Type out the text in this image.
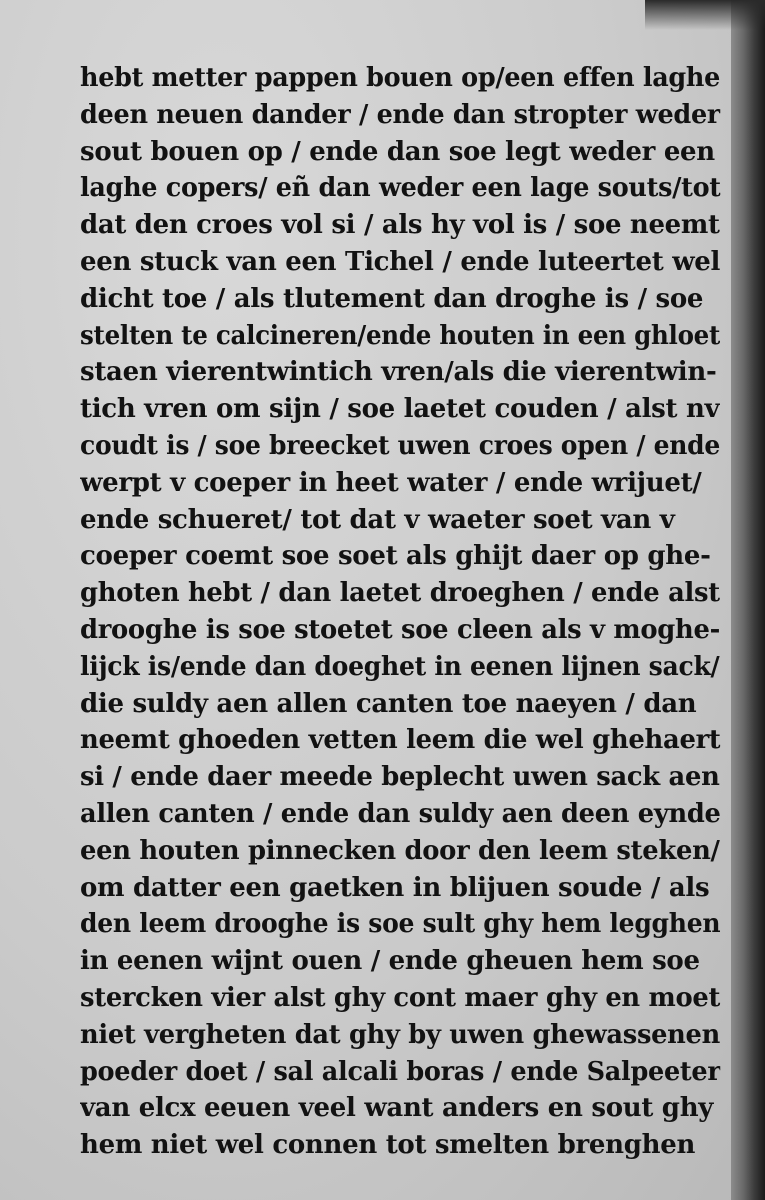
hebt metter pappen bouen op/een effen laghe
deen neuen dander / ende dan stropter weder
sout bouen op / ende dan soe legt weder een
laghe copers/ eñ dan weder een lage souts/tot
dat den croes vol si / als hy vol is / soe neemt
een stuck van een Tichel / ende luteertet wel
dicht toe / als tlutement dan droghe is / soe
stelten te calcineren/ende houten in een ghloet
staen vierentwintich vren/als die vierentwin-
tich vren om sijn / soe laetet couden / alst nv
coudt is / soe breecket uwen croes open / ende
werpt v coeper in heet water / ende wrijuet/
ende schueret/ tot dat v waeter soet van v
coeper coemt soe soet als ghijt daer op ghe-
ghoten hebt / dan laetet droeghen / ende alst
drooghe is soe stoetet soe cleen als v moghe-
lijck is/ende dan doeghet in eenen lijnen sack/
die suldy aen allen canten toe naeyen / dan
neemt ghoeden vetten leem die wel ghehaert
si / ende daer meede beplecht uwen sack aen
allen canten / ende dan suldy aen deen eynde
een houten pinnecken door den leem steken/
om datter een gaetken in blijuen soude / als
den leem drooghe is soe sult ghy hem legghen
in eenen wijnt ouen / ende gheuen hem soe
stercken vier alst ghy cont maer ghy en moet
niet vergheten dat ghy by uwen ghewassenen
poeder doet / sal alcali boras / ende Salpeeter
van elcx eeuen veel want anders en sout ghy
hem niet wel connen tot smelten brenghen
